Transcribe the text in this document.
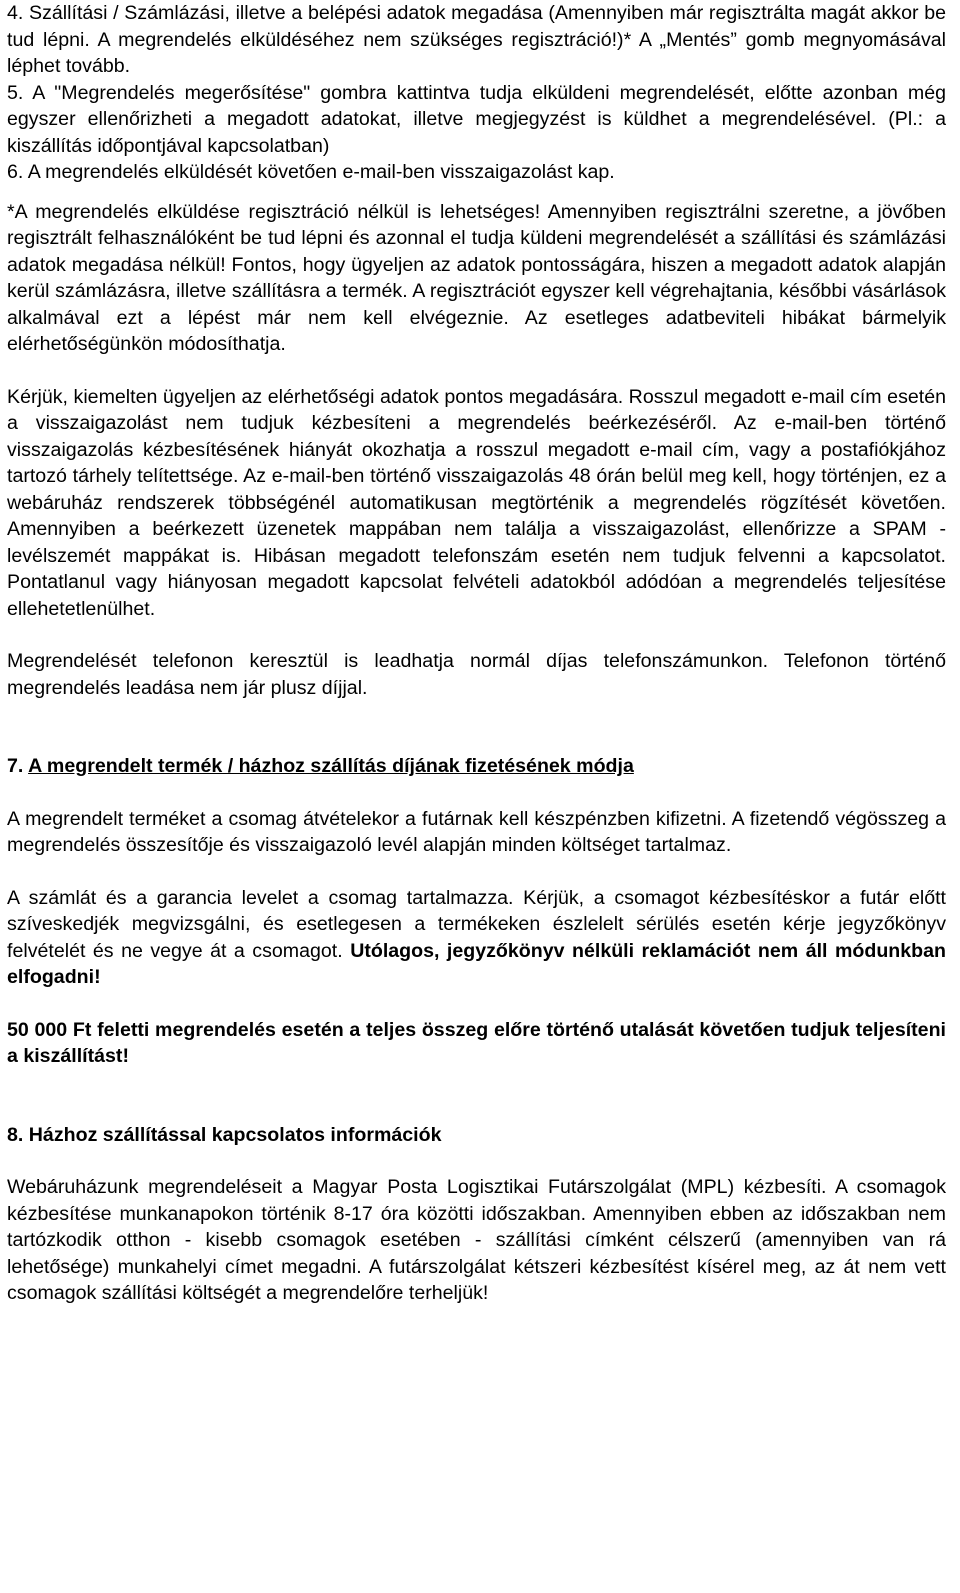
4. Szállítási / Számlázási, illetve a belépési adatok megadása (Amennyiben már regisztrálta magát akkor be tud lépni. A megrendelés elküldéséhez nem szükséges regisztráció!)* A „Mentés” gomb megnyomásával léphet tovább.

5. A "Megrendelés megerősítése" gombra kattintva tudja elküldeni megrendelését, előtte azonban még egyszer ellenőrizheti a megadott adatokat, illetve megjegyzést is küldhet a megrendelésével. (Pl.: a kiszállítás időpontjával kapcsolatban)

6. A megrendelés elküldését követően e-mail-ben visszaigazolást kap.

*A megrendelés elküldése regisztráció nélkül is lehetséges! Amennyiben regisztrálni szeretne, a jövőben regisztrált felhasználóként be tud lépni és azonnal el tudja küldeni megrendelését a szállítási és számlázási adatok megadása nélkül! Fontos, hogy ügyeljen az adatok pontosságára, hiszen a megadott adatok alapján kerül számlázásra, illetve szállításra a termék. A regisztrációt egyszer kell végrehajtania, későbbi vásárlások alkalmával ezt a lépést már nem kell elvégeznie. Az esetleges adatbeviteli hibákat bármelyik elérhetőségünkön módosíthatja.

Kérjük, kiemelten ügyeljen az elérhetőségi adatok pontos megadására. Rosszul megadott e-mail cím esetén a visszaigazolást nem tudjuk kézbesíteni a megrendelés beérkezéséről. Az e-mail-ben történő visszaigazolás kézbesítésének hiányát okozhatja a rosszul megadott e-mail cím, vagy a postafiókjához tartozó tárhely telítettsége. Az e-mail-ben történő visszaigazolás 48 órán belül meg kell, hogy történjen, ez a webáruház rendszerek többségénél automatikusan megtörténik a megrendelés rögzítését követően. Amennyiben a beérkezett üzenetek mappában nem találja a visszaigazolást, ellenőrizze a SPAM - levélszemét mappákat is. Hibásan megadott telefonszám esetén nem tudjuk felvenni a kapcsolatot. Pontatlanul vagy hiányosan megadott kapcsolat felvételi adatokból adódóan a megrendelés teljesítése ellehetetlenülhet.

Megrendelését telefonon keresztül is leadhatja normál díjas telefonszámunkon. Telefonon történő megrendelés leadása nem jár plusz díjjal.

7. A megrendelt termék / házhoz szállítás díjának fizetésének módja

A megrendelt terméket a csomag átvételekor a futárnak kell készpénzben kifizetni. A fizetendő végösszeg a megrendelés összesítője és visszaigazoló levél alapján minden költséget tartalmaz.

A számlát és a garancia levelet a csomag tartalmazza. Kérjük, a csomagot kézbesítéskor a futár előtt szíveskedjék megvizsgálni, és esetlegesen a termékeken észlelelt sérülés esetén kérje jegyzőkönyv felvételét és ne vegye át a csomagot. Utólagos, jegyzőkönyv nélküli reklamációt nem áll módunkban elfogadni!

50 000 Ft feletti megrendelés esetén a teljes összeg előre történő utalását követően tudjuk teljesíteni a kiszállítást!

8. Házhoz szállítással kapcsolatos információk

Webáruházunk megrendeléseit a Magyar Posta Logisztikai Futárszolgálat (MPL) kézbesíti. A csomagok kézbesítése munkanapokon történik 8-17 óra közötti időszakban. Amennyiben ebben az időszakban nem tartózkodik otthon - kisebb csomagok esetében - szállítási címként célszerű (amennyiben van rá lehetősége) munkahelyi címet megadni. A futárszolgálat kétszeri kézbesítést kísérel meg, az át nem vett csomagok szállítási költségét a megrendelőre terheljük!
